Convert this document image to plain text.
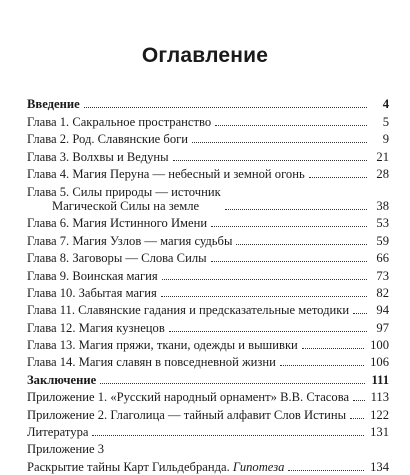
Оглавление
Введение	4
Глава 1. Сакральное пространство	5
Глава 2. Род. Славянские боги	9
Глава 3. Волхвы и Ведуны	21
Глава 4. Магия Перуна — небесный и земной огонь	28
Глава 5. Силы природы — источник
Магической Силы на земле	38
Глава 6. Магия Истинного Имени	53
Глава 7. Магия Узлов — магия судьбы	59
Глава 8. Заговоры — Слова Силы	66
Глава 9. Воинская магия	73
Глава 10. Забытая магия	82
Глава 11. Славянские гадания и предсказательные методики 94
Глава 12. Магия кузнецов	97
Глава 13. Магия пряжи, ткани, одежды и вышивки	100
Глава 14. Магия славян в повседневной жизни	106
Заключение	111
Приложение 1. «Русский народный орнамент» В.В. Стасова 113
Приложение 2. Глаголица — тайный алфавит Слов Истины 122
Литература	131
Приложение 3
Раскрытие тайны Карт Гильдебранда. Гипотеза	134
